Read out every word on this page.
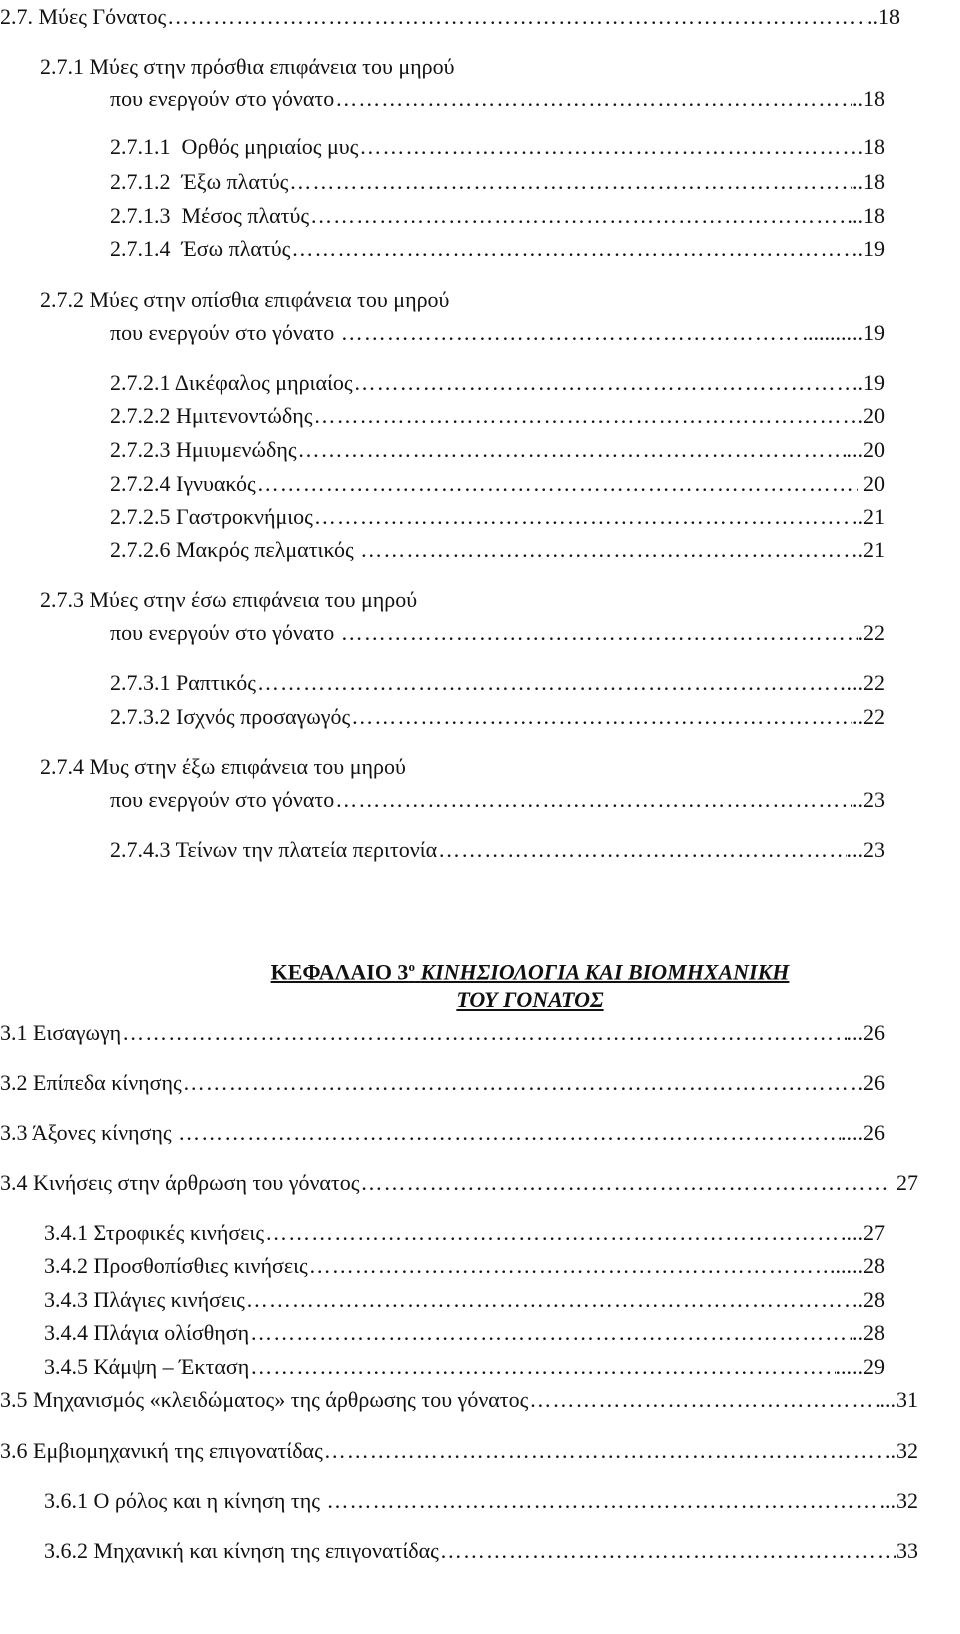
2.7. Μύες Γόνατος …………………………………………………………………………………………………………………………………………………………………………………………………………	..18
2.7.1 Μύες στην πρόσθια επιφάνεια του μηρού
που ενεργούν στο γόνατο …………………………………………………………………………………………………………………………………………………………………………………………………………	..18
2.7.1.1  Ορθός μηριαίος μυς …………………………………………………………………………………………………………………………………………………………………………………………………………	.18
2.7.1.2  Έξω πλατύς …………………………………………………………………………………………………………………………………………………………………………………………………………	..18
2.7.1.3  Μέσος πλατύς …………………………………………………………………………………………………………………………………………………………………………………………………………	..18
2.7.1.4  Έσω πλατύς …………………………………………………………………………………………………………………………………………………………………………………………………………	.19
2.7.2 Μύες στην οπίσθια επιφάνεια του μηρού
που ενεργούν στο γόνατο …………………………………………………………………………………………………………………………………………………………………………………………………………	...........19
2.7.2.1 Δικέφαλος μηριαίος …………………………………………………………………………………………………………………………………………………………………………………………………………	..19
2.7.2.2 Ημιτενοντώδης …………………………………………………………………………………………………………………………………………………………………………………………………………	.20
2.7.2.3 Ημιυμενώδης …………………………………………………………………………………………………………………………………………………………………………………………………………	...20
2.7.2.4 Ιγνυακός …………………………………………………………………………………………………………………………………………………………………………………………………………	20
2.7.2.5 Γαστροκνήμιος …………………………………………………………………………………………………………………………………………………………………………………………………………	..21
2.7.2.6 Μακρός πελματικός …………………………………………………………………………………………………………………………………………………………………………………………………………	.21
2.7.3 Μύες στην έσω επιφάνεια του μηρού
που ενεργούν στο γόνατο …………………………………………………………………………………………………………………………………………………………………………………………………………	.22
2.7.3.1 Ραπτικός …………………………………………………………………………………………………………………………………………………………………………………………………………	...22
2.7.3.2 Ισχνός προσαγωγός …………………………………………………………………………………………………………………………………………………………………………………………………………	..22
2.7.4 Μυς στην έξω επιφάνεια του μηρού
που ενεργούν στο γόνατο …………………………………………………………………………………………………………………………………………………………………………………………………………	..23
2.7.4.3 Τείνων την πλατεία περιτονία …………………………………………………………………………………………………………………………………………………………………………………………………………	...23
ΚΕΦΑΛΑΙΟ $3^o$ ΚΙΝΗΣΙΟΛΟΓΙΑ ΚΑΙ ΒΙΟΜΗΧΑΝΙΚΗ
ΤΟΥ ΓΟΝΑΤΟΣ
3.1 Εισαγωγη …………………………………………………………………………………………………………………………………………………………………………………………………………	...26
3.2 Επίπεδα κίνησης …………………………………………………………………………………………………………………………………………………………………………………………………………	.26
3.3 Άξονες κίνησης …………………………………………………………………………………………………………………………………………………………………………………………………………	....26
3.4 Κινήσεις στην άρθρωση του γόνατος …………………………………………………………………………………………………………………………………………………………………………………………………………	27
3.4.1 Στροφικές κινήσεις …………………………………………………………………………………………………………………………………………………………………………………………………………	...27
3.4.2 Προσθοπίσθιες κινήσεις …………………………………………………………………………………………………………………………………………………………………………………………………………	......28
3.4.3 Πλάγιες κινήσεις …………………………………………………………………………………………………………………………………………………………………………………………………………	..28
3.4.4 Πλάγια ολίσθηση …………………………………………………………………………………………………………………………………………………………………………………………………………	..28
3.4.5 Κάμψη – Έκταση …………………………………………………………………………………………………………………………………………………………………………………………………………	.....29
3.5 Μηχανισμός «κλειδώματος» της άρθρωσης του γόνατος …………………………………………………………………………………………………………………………………………………………………………………………………………	...31
3.6 Εμβιομηχανική της επιγονατίδας …………………………………………………………………………………………………………………………………………………………………………………………………………	..32
3.6.1 Ο ρόλος και η κίνηση της …………………………………………………………………………………………………………………………………………………………………………………………………………	...32
3.6.2 Μηχανική και κίνηση της επιγονατίδας …………………………………………………………………………………………………………………………………………………………………………………………………………	33
